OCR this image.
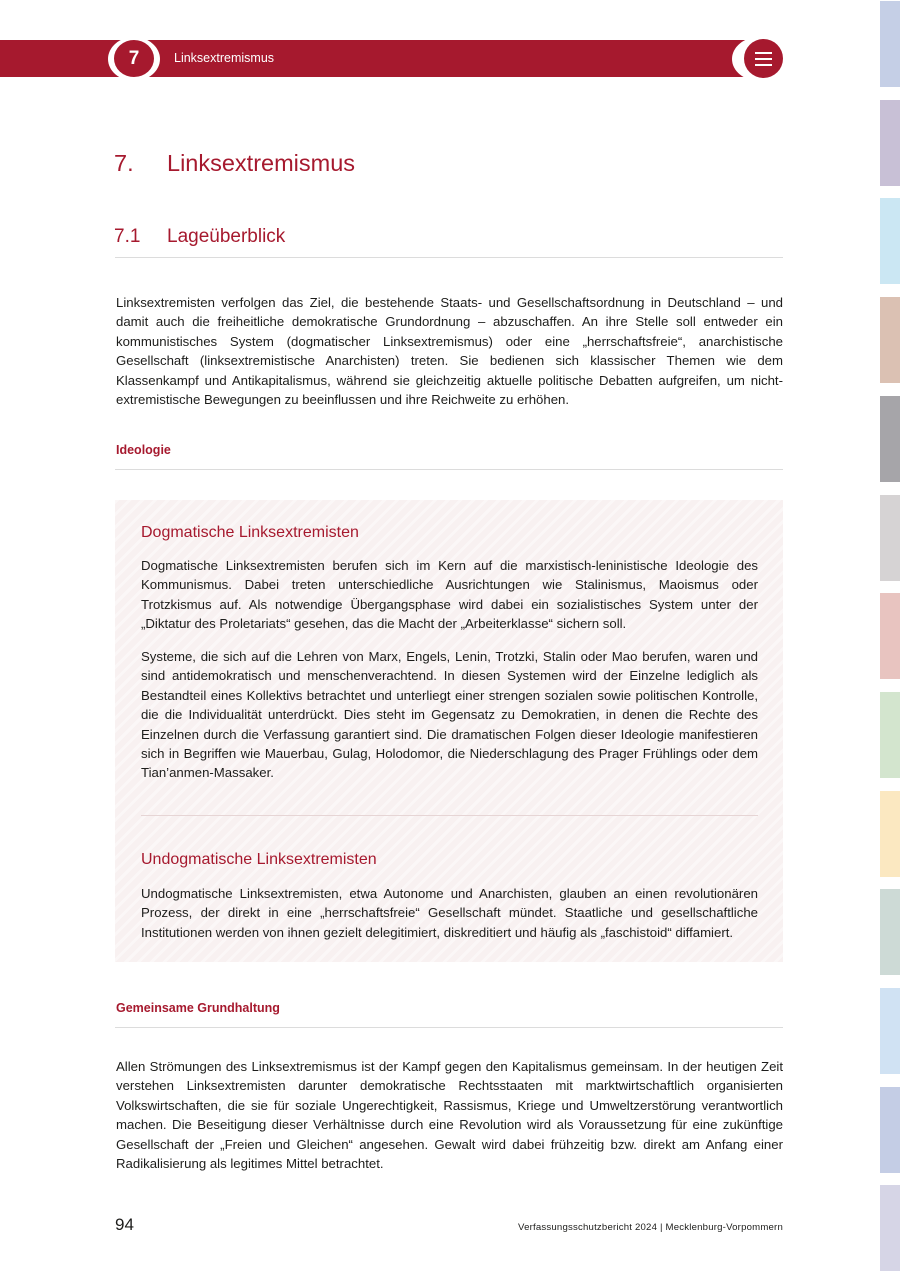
7	Linksextremismus
7. Linksextremismus
7.1 Lageüberblick

Linksextremisten verfolgen das Ziel, die bestehende Staats- und Gesellschaftsordnung in Deutschland – und damit auch die freiheitliche demokratische Grundordnung – abzuschaffen. An ihre Stelle soll entweder ein kommunistisches System (dogmatischer Linksextremismus) oder eine „herrschaftsfreie“, anarchistische Gesellschaft (linksextremistische Anarchisten) treten. Sie bedienen sich klassischer Themen wie dem Klassenkampf und Antikapitalismus, während sie gleichzeitig aktuelle politische Debatten aufgreifen, um nicht-extremistische Bewegungen zu beeinflussen und ihre Reichweite zu erhöhen.

Ideologie
Dogmatische Linksextremisten

Dogmatische Linksextremisten berufen sich im Kern auf die marxistisch-leninistische Ideologie des Kommunismus. Dabei treten unterschiedliche Ausrichtungen wie Stalinismus, Maoismus oder Trotzkismus auf. Als notwendige Übergangsphase wird dabei ein sozialistisches System unter der „Diktatur des Proletariats“ gesehen, das die Macht der „Arbeiterklasse“ sichern soll.

Systeme, die sich auf die Lehren von Marx, Engels, Lenin, Trotzki, Stalin oder Mao berufen, waren und sind antidemokratisch und menschenverachtend. In diesen Systemen wird der Einzelne lediglich als Bestandteil eines Kollektivs betrachtet und unterliegt einer strengen sozialen sowie politischen Kontrolle, die die Individualität unterdrückt. Dies steht im Gegensatz zu Demokratien, in denen die Rechte des Einzelnen durch die Verfassung garantiert sind. Die dramatischen Folgen dieser Ideologie manifestieren sich in Begriffen wie Mauerbau, Gulag, Holodomor, die Niederschlagung des Prager Frühlings oder dem Tian’anmen-Massaker.

Undogmatische Linksextremisten

Undogmatische Linksextremisten, etwa Autonome und Anarchisten, glauben an einen revolutionären Prozess, der direkt in eine „herrschaftsfreie“ Gesellschaft mündet. Staatliche und gesellschaftliche Institutionen werden von ihnen gezielt delegitimiert, diskreditiert und häufig als „faschistoid“ diffamiert.

Gemeinsame Grundhaltung

Allen Strömungen des Linksextremismus ist der Kampf gegen den Kapitalismus gemeinsam. In der heutigen Zeit verstehen Linksextremisten darunter demokratische Rechtsstaaten mit marktwirtschaftlich organisierten Volkswirtschaften, die sie für soziale Ungerechtigkeit, Rassismus, Kriege und Umweltzerstörung verantwortlich machen. Die Beseitigung dieser Verhältnisse durch eine Revolution wird als Voraussetzung für eine zukünftige Gesellschaft der „Freien und Gleichen“ angesehen. Gewalt wird dabei frühzeitig bzw. direkt am Anfang einer Radikalisierung als legitimes Mittel betrachtet.

94	Verfassungsschutzbericht 2024 | Mecklenburg-Vorpommern
